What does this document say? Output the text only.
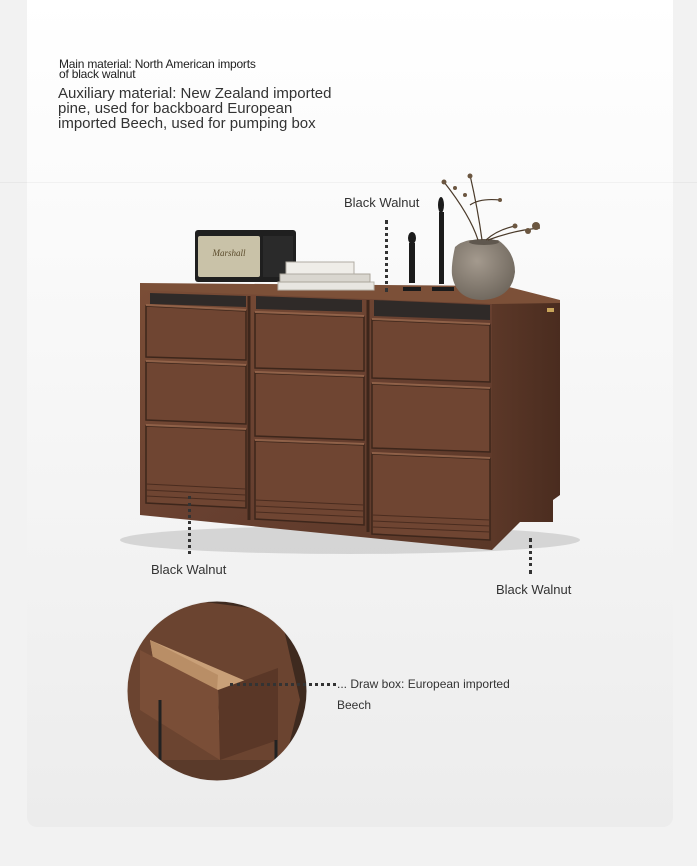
Main material: North American imports of black walnut
Auxiliary material: New Zealand imported pine, used for backboard European imported Beech, used for pumping box
Marshall
Black Walnut
Black Walnut
Black Walnut
... Draw box: European imported Beech
